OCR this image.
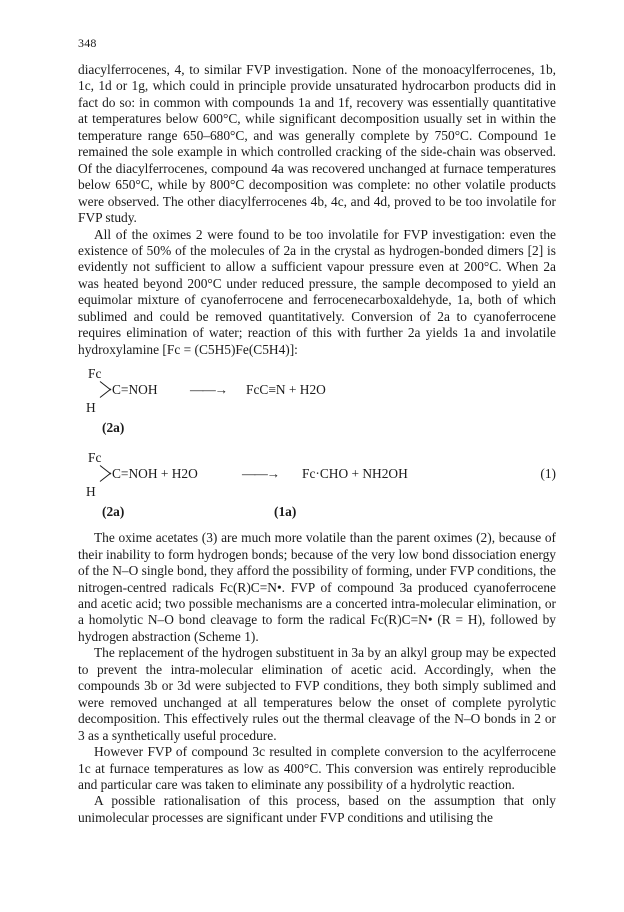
348

diacylferrocenes, 4, to similar FVP investigation. None of the monoacylferrocenes, 1b, 1c, 1d or 1g, which could in principle provide unsaturated hydrocarbon products did in fact do so: in common with compounds 1a and 1f, recovery was essentially quantitative at temperatures below 600°C, while significant decomposition usually set in within the temperature range 650–680°C, and was generally complete by 750°C. Compound 1e remained the sole example in which controlled cracking of the side-chain was observed. Of the diacylferrocenes, compound 4a was recovered unchanged at furnace temperatures below 650°C, while by 800°C decomposition was complete: no other volatile products were observed. The other diacylferrocenes 4b, 4c, and 4d, proved to be too involatile for FVP study.

All of the oximes 2 were found to be too involatile for FVP investigation: even the existence of 50% of the molecules of 2a in the crystal as hydrogen-bonded dimers [2] is evidently not sufficient to allow a sufficient vapour pressure even at 200°C. When 2a was heated beyond 200°C under reduced pressure, the sample decomposed to yield an equimolar mixture of cyanoferrocene and ferrocenecarboxaldehyde, 1a, both of which sublimed and could be removed quantitatively. Conversion of 2a to cyanoferrocene requires elimination of water; reaction of this with further 2a yields 1a and involatile hydroxylamine [Fc = (C5H5)Fe(C5H4)]:

Fc
H
C=NOH ——→ FcC≡N + H2O
(2a)
Fc
H
C=NOH + H2O	——→ Fc·CHO + NH2OH	(1)
(2a)	(1a)

The oxime acetates (3) are much more volatile than the parent oximes (2), because of their inability to form hydrogen bonds; because of the very low bond dissociation energy of the N–O single bond, they afford the possibility of forming, under FVP conditions, the nitrogen-centred radicals Fc(R)C=N•. FVP of compound 3a produced cyanoferrocene and acetic acid; two possible mechanisms are a concerted intra-molecular elimination, or a homolytic N–O bond cleavage to form the radical Fc(R)C=N• (R = H), followed by hydrogen abstraction (Scheme 1).

The replacement of the hydrogen substituent in 3a by an alkyl group may be expected to prevent the intra-molecular elimination of acetic acid. Accordingly, when the compounds 3b or 3d were subjected to FVP conditions, they both simply sublimed and were removed unchanged at all temperatures below the onset of complete pyrolytic decomposition. This effectively rules out the thermal cleavage of the N–O bonds in 2 or 3 as a synthetically useful procedure.

However FVP of compound 3c resulted in complete conversion to the acylferrocene 1c at furnace temperatures as low as 400°C. This conversion was entirely reproducible and particular care was taken to eliminate any possibility of a hydrolytic reaction.

A possible rationalisation of this process, based on the assumption that only unimolecular processes are significant under FVP conditions and utilising the
